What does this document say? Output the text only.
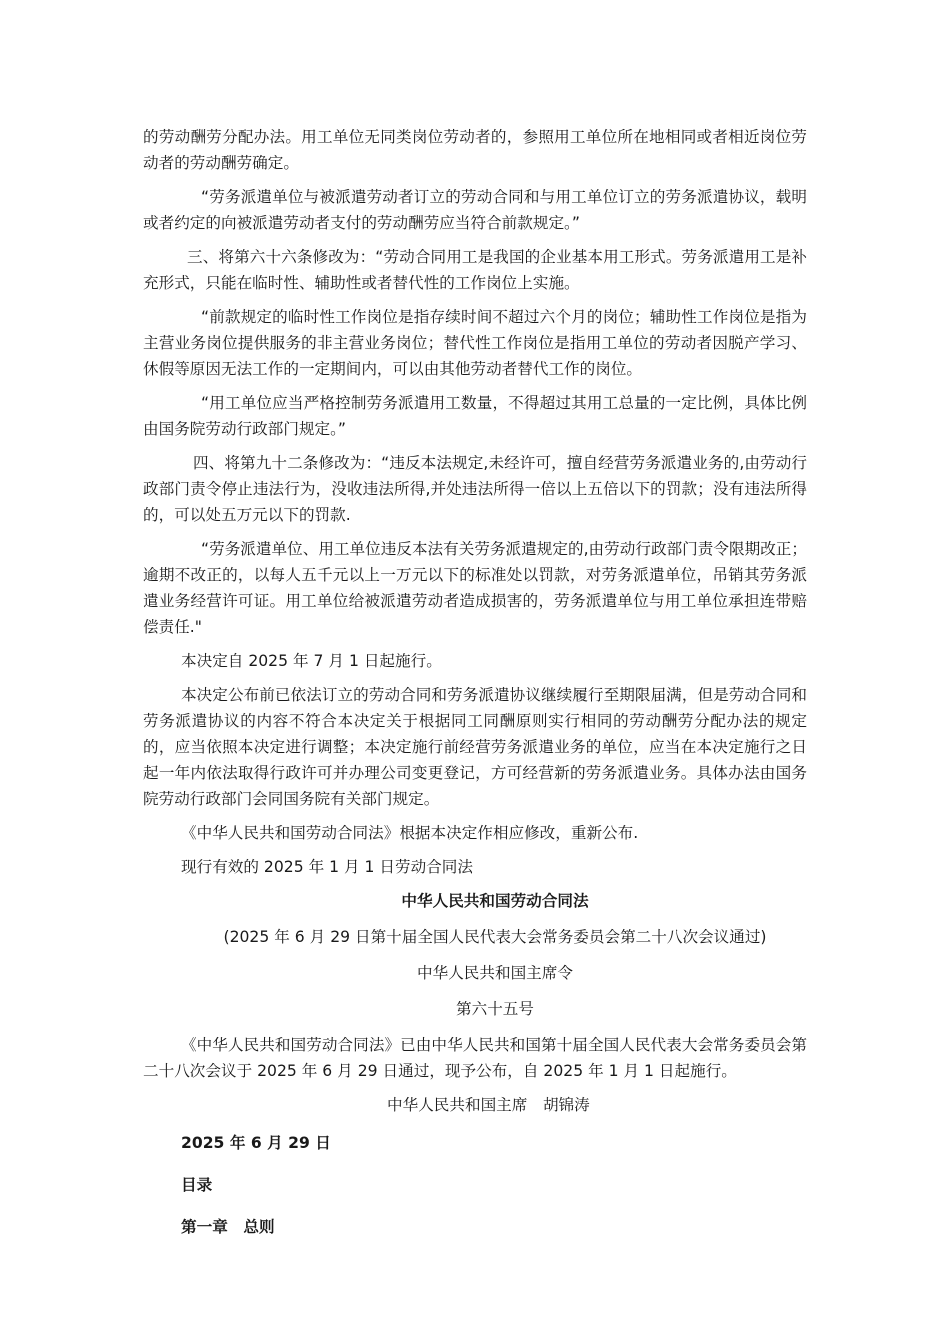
的劳动酬劳分配办法。用工单位无同类岗位劳动者的，参照用工单位所在地相同或者相近岗位劳动者的劳动酬劳确定。

“劳务派遣单位与被派遣劳动者订立的劳动合同和与用工单位订立的劳务派遣协议，载明或者约定的向被派遣劳动者支付的劳动酬劳应当符合前款规定。”

三、将第六十六条修改为：“劳动合同用工是我国的企业基本用工形式。劳务派遣用工是补充形式，只能在临时性、辅助性或者替代性的工作岗位上实施。

“前款规定的临时性工作岗位是指存续时间不超过六个月的岗位；辅助性工作岗位是指为主营业务岗位提供服务的非主营业务岗位；替代性工作岗位是指用工单位的劳动者因脱产学习、休假等原因无法工作的一定期间内，可以由其他劳动者替代工作的岗位。

“用工单位应当严格控制劳务派遣用工数量，不得超过其用工总量的一定比例，具体比例由国务院劳动行政部门规定。”

四、将第九十二条修改为：“违反本法规定,未经许可，擅自经营劳务派遣业务的,由劳动行政部门责令停止违法行为，没收违法所得,并处违法所得一倍以上五倍以下的罚款；没有违法所得的，可以处五万元以下的罚款.

“劳务派遣单位、用工单位违反本法有关劳务派遣规定的,由劳动行政部门责令限期改正；逾期不改正的，以每人五千元以上一万元以下的标准处以罚款，对劳务派遣单位，吊销其劳务派遣业务经营许可证。用工单位给被派遣劳动者造成损害的，劳务派遣单位与用工单位承担连带赔偿责任."

本决定自 2025 年 7 月 1 日起施行。

本决定公布前已依法订立的劳动合同和劳务派遣协议继续履行至期限届满，但是劳动合同和劳务派遣协议的内容不符合本决定关于根据同工同酬原则实行相同的劳动酬劳分配办法的规定的，应当依照本决定进行调整；本决定施行前经营劳务派遣业务的单位，应当在本决定施行之日起一年内依法取得行政许可并办理公司变更登记，方可经营新的劳务派遣业务。具体办法由国务院劳动行政部门会同国务院有关部门规定。

《中华人民共和国劳动合同法》根据本决定作相应修改，重新公布.

现行有效的 2025 年 1 月 1 日劳动合同法

中华人民共和国劳动合同法

(2025 年 6 月 29 日第十届全国人民代表大会常务委员会第二十八次会议通过)

中华人民共和国主席令

第六十五号

《中华人民共和国劳动合同法》已由中华人民共和国第十届全国人民代表大会常务委员会第二十八次会议于 2025 年 6 月 29 日通过，现予公布，自 2025 年 1 月 1 日起施行。

中华人民共和国主席　胡锦涛

2025 年 6 月 29 日

目录

第一章　总则
